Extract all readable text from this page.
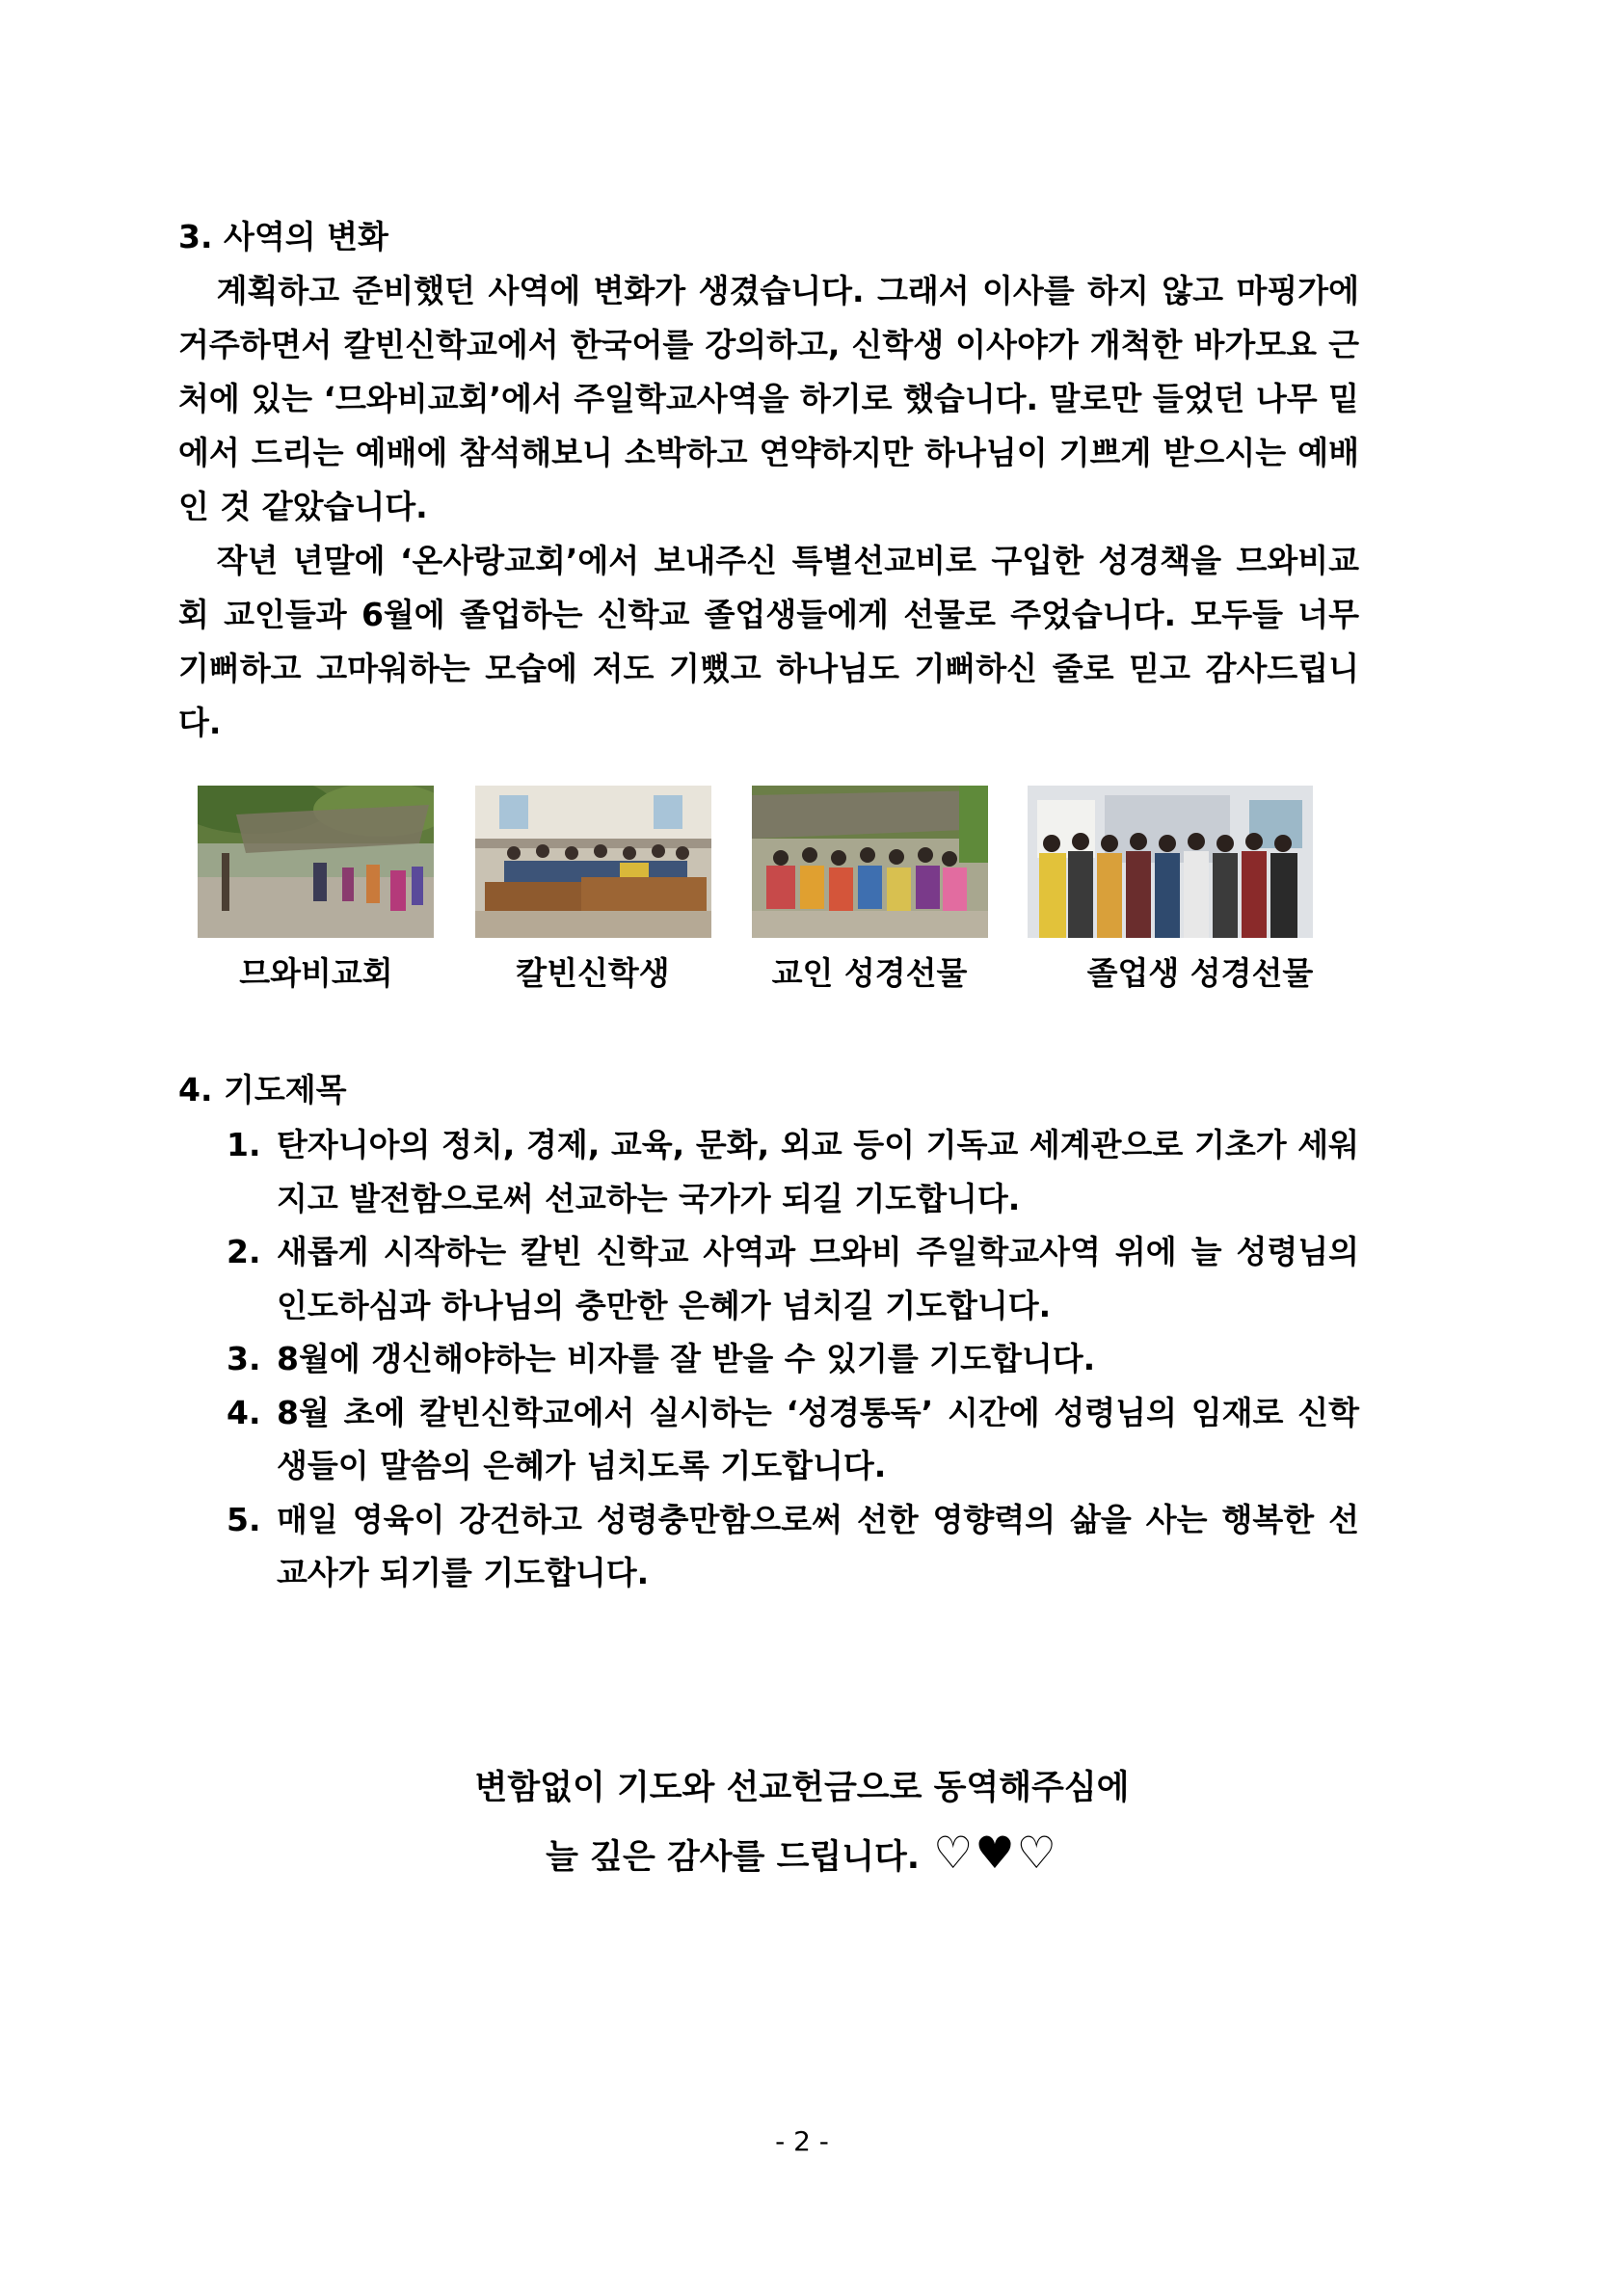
3. 사역의 변화

계획하고 준비했던 사역에 변화가 생겼습니다. 그래서 이사를 하지 않고 마핑가에 거주하면서 칼빈신학교에서 한국어를 강의하고, 신학생 이사야가 개척한 바가모요 근처에 있는 ‘므와비교회’에서 주일학교사역을 하기로 했습니다. 말로만 들었던 나무 밑에서 드리는 예배에 참석해보니 소박하고 연약하지만 하나님이 기쁘게 받으시는 예배인 것 같았습니다.

작년 년말에 ‘온사랑교회’에서 보내주신 특별선교비로 구입한 성경책을 므와비교회 교인들과 6월에 졸업하는 신학교 졸업생들에게 선물로 주었습니다. 모두들 너무 기뻐하고 고마워하는 모습에 저도 기뻤고 하나님도 기뻐하신 줄로 믿고 감사드립니다.

므와비교회	칼빈신학생	교인 성경선물	졸업생 성경선물

4. 기도제목
1. 탄자니아의 정치, 경제, 교육, 문화, 외교 등이 기독교 세계관으로 기초가 세워지고 발전함으로써 선교하는 국가가 되길 기도합니다.
2. 새롭게 시작하는 칼빈 신학교 사역과 므와비 주일학교사역 위에 늘 성령님의 인도하심과 하나님의 충만한 은혜가 넘치길 기도합니다.
3. 8월에 갱신해야하는 비자를 잘 받을 수 있기를 기도합니다.
4. 8월 초에 칼빈신학교에서 실시하는 ‘성경통독’ 시간에 성령님의 임재로 신학생들이 말씀의 은혜가 넘치도록 기도합니다.
5. 매일 영육이 강건하고 성령충만함으로써 선한 영향력의 삶을 사는 행복한 선교사가 되기를 기도합니다.

변함없이 기도와 선교헌금으로 동역해주심에

늘 깊은 감사를 드립니다. ♡♥♡

- 2 -
